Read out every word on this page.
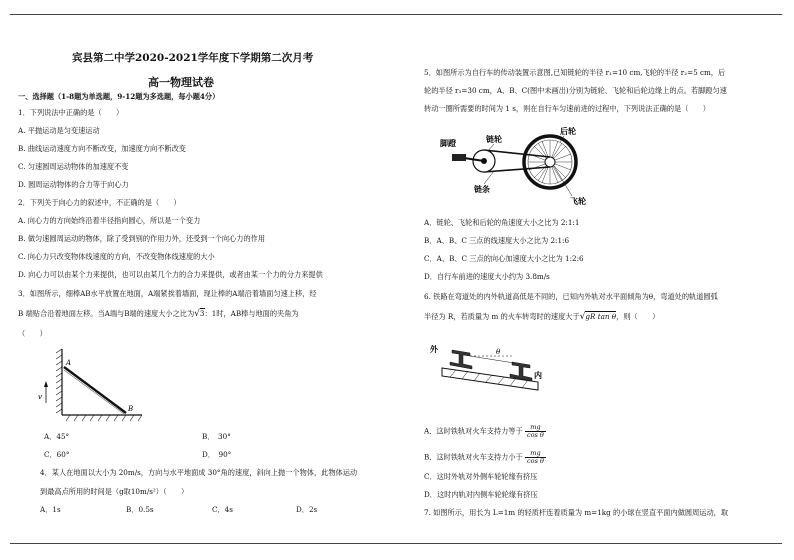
宾县第二中学2020-2021学年度下学期第二次月考
高一物理试卷
一、选择题（1-8题为单选题，9-12题为多选题，每小题4分）
1．下列说法中正确的是（　　）
A. 平抛运动是匀变速运动
B. 曲线运动速度方向不断改变，加速度方向不断改变
C. 匀速圆周运动物体的加速度不变
D. 圆周运动物体的合力等于向心力
2．下列关于向心力的叙述中，不正确的是（　　）
A. 向心力的方向始终沿着半径指向圆心，所以是一个变力
B. 做匀速圆周运动的物体，除了受到别的作用力外，还受到一个向心力的作用
C. 向心力只改变物体线速度的方向，不改变物体线速度的大小
D. 向心力可以由某个力来提供，也可以由某几个力的合力来提供，或者由某一个力的分力来提供
3．如图所示，细棒AB水平放置在地面，A端紧挨着墙面，现让棒的A端沿着墙面匀速上移，经
B 端贴合沿着地面左移。当A端与B端的速度大小之比为√3：1时，AB棒与地面的夹角为
（　　）
v
A
B
A．45°	B．　30°
C．60°	D．　90°
4．某人在地面以大小为 20m/s，方向与水平地面成 30°角的速度，斜向上抛一个物体，此物体运动
到最高点所用的时间是（g取10m/s²）（　　）
A．1s	B．0.5s	C．4s	D．2s
5．如图所示为自行车的传动装置示意图,已知链轮的半径 r₁=10 cm,飞轮的半径 r₂=5 cm，后
轮的半径 r₃=30 cm，A、B、C(图中未画出)分别为链轮、飞轮和后轮边缘上的点。若脚蹬匀速
转动一圈所需要的时间为 1 s，则在自行车匀速前进的过程中，下列说法正确的是（　　）
脚蹬	链轮
链条
后轮
飞轮
A．链轮、飞轮和后轮的角速度大小之比为 2:1:1
B．A、B、C 三点的线速度大小之比为 2:1:6
C．A、B、C 三点的向心加速度大小之比为 1:2:6
D．自行车前进的速度大小约为 3.8m/s
6. 铁路在弯道处的内外轨道高低是不同的，已知内外轨对水平面倾角为θ，弯道处的轨道圆弧
半径为 R，若质量为 m 的火车转弯时的速度大于√gR tan θ，则（　　）
θ
外
内
A．这时铁轨对火车支持力等于 $\frac{mg}{\text{cos θ}}$
B．这时铁轨对火车支持力小于 $\frac{mg}{\text{cos θ}}$
C．这时外轨对外侧车轮轮缘有挤压
D．这时内轨对内侧车轮轮缘有挤压
7. 如图所示，用长为 L=1m 的轻质杆连着质量为 m=1kg 的小球在竖直平面内做圆周运动，取
